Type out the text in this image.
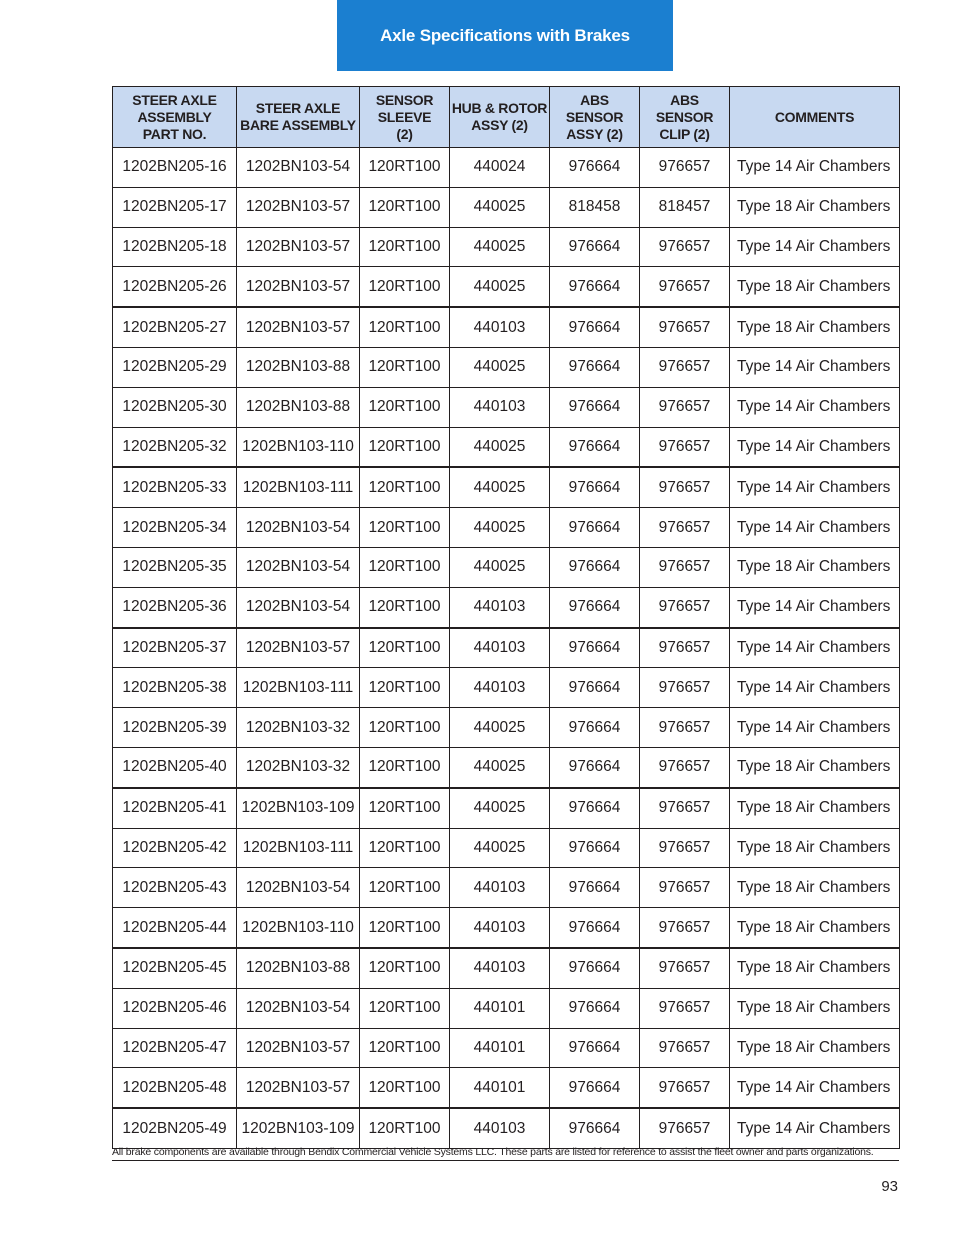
Axle Specifications with Brakes
STEER AXLE ASSEMBLY PART NO.	STEER AXLE BARE ASSEMBLY	SENSOR SLEEVE (2)	HUB & ROTOR ASSY (2)	ABS SENSOR ASSY (2)	ABS SENSOR CLIP (2)	COMMENTS
1202BN205-16	1202BN103-54	120RT100	440024	976664	976657	Type 14 Air Chambers
1202BN205-17	1202BN103-57	120RT100	440025	818458	818457	Type 18 Air Chambers
1202BN205-18	1202BN103-57	120RT100	440025	976664	976657	Type 14 Air Chambers
1202BN205-26	1202BN103-57	120RT100	440025	976664	976657	Type 18 Air Chambers
1202BN205-27	1202BN103-57	120RT100	440103	976664	976657	Type 18 Air Chambers
1202BN205-29	1202BN103-88	120RT100	440025	976664	976657	Type 14 Air Chambers
1202BN205-30	1202BN103-88	120RT100	440103	976664	976657	Type 14 Air Chambers
1202BN205-32	1202BN103-110	120RT100	440025	976664	976657	Type 14 Air Chambers
1202BN205-33	1202BN103-111	120RT100	440025	976664	976657	Type 14 Air Chambers
1202BN205-34	1202BN103-54	120RT100	440025	976664	976657	Type 14 Air Chambers
1202BN205-35	1202BN103-54	120RT100	440025	976664	976657	Type 18 Air Chambers
1202BN205-36	1202BN103-54	120RT100	440103	976664	976657	Type 14 Air Chambers
1202BN205-37	1202BN103-57	120RT100	440103	976664	976657	Type 14 Air Chambers
1202BN205-38	1202BN103-111	120RT100	440103	976664	976657	Type 14 Air Chambers
1202BN205-39	1202BN103-32	120RT100	440025	976664	976657	Type 14 Air Chambers
1202BN205-40	1202BN103-32	120RT100	440025	976664	976657	Type 18 Air Chambers
1202BN205-41	1202BN103-109	120RT100	440025	976664	976657	Type 18 Air Chambers
1202BN205-42	1202BN103-111	120RT100	440025	976664	976657	Type 18 Air Chambers
1202BN205-43	1202BN103-54	120RT100	440103	976664	976657	Type 18 Air Chambers
1202BN205-44	1202BN103-110	120RT100	440103	976664	976657	Type 18 Air Chambers
1202BN205-45	1202BN103-88	120RT100	440103	976664	976657	Type 18 Air Chambers
1202BN205-46	1202BN103-54	120RT100	440101	976664	976657	Type 18 Air Chambers
1202BN205-47	1202BN103-57	120RT100	440101	976664	976657	Type 18 Air Chambers
1202BN205-48	1202BN103-57	120RT100	440101	976664	976657	Type 14 Air Chambers
1202BN205-49	1202BN103-109	120RT100	440103	976664	976657	Type 14 Air Chambers
All brake components are available through Bendix Commercial Vehicle Systems LLC. These parts are listed for reference to assist the fleet owner and parts organizations.
93
